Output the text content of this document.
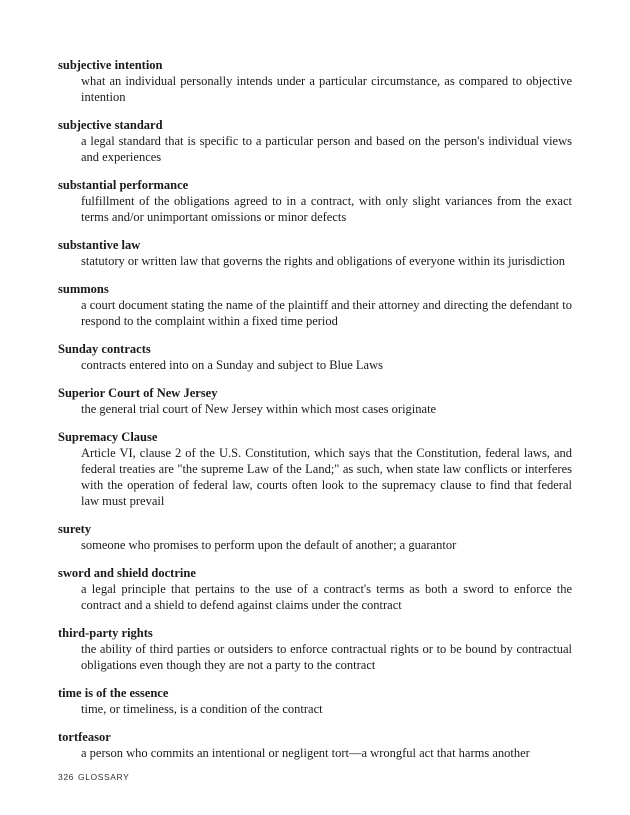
subjective intention
what an individual personally intends under a particular circumstance, as compared to objective intention
subjective standard
a legal standard that is specific to a particular person and based on the person's individual views and experiences
substantial performance
fulfillment of the obligations agreed to in a contract, with only slight variances from the exact terms and/or unimportant omissions or minor defects
substantive law
statutory or written law that governs the rights and obligations of everyone within its jurisdiction
summons
a court document stating the name of the plaintiff and their attorney and directing the defendant to respond to the complaint within a fixed time period
Sunday contracts
contracts entered into on a Sunday and subject to Blue Laws
Superior Court of New Jersey
the general trial court of New Jersey within which most cases originate
Supremacy Clause
Article VI, clause 2 of the U.S. Constitution, which says that the Constitution, federal laws, and federal treaties are "the supreme Law of the Land;" as such, when state law conflicts or interferes with the operation of federal law, courts often look to the supremacy clause to find that federal law must prevail
surety
someone who promises to perform upon the default of another; a guarantor
sword and shield doctrine
a legal principle that pertains to the use of a contract's terms as both a sword to enforce the contract and a shield to defend against claims under the contract
third-party rights
the ability of third parties or outsiders to enforce contractual rights or to be bound by contractual obligations even though they are not a party to the contract
time is of the essence
time, or timeliness, is a condition of the contract
tortfeasor
a person who commits an intentional or negligent tort—a wrongful act that harms another
326 GLOSSARY
